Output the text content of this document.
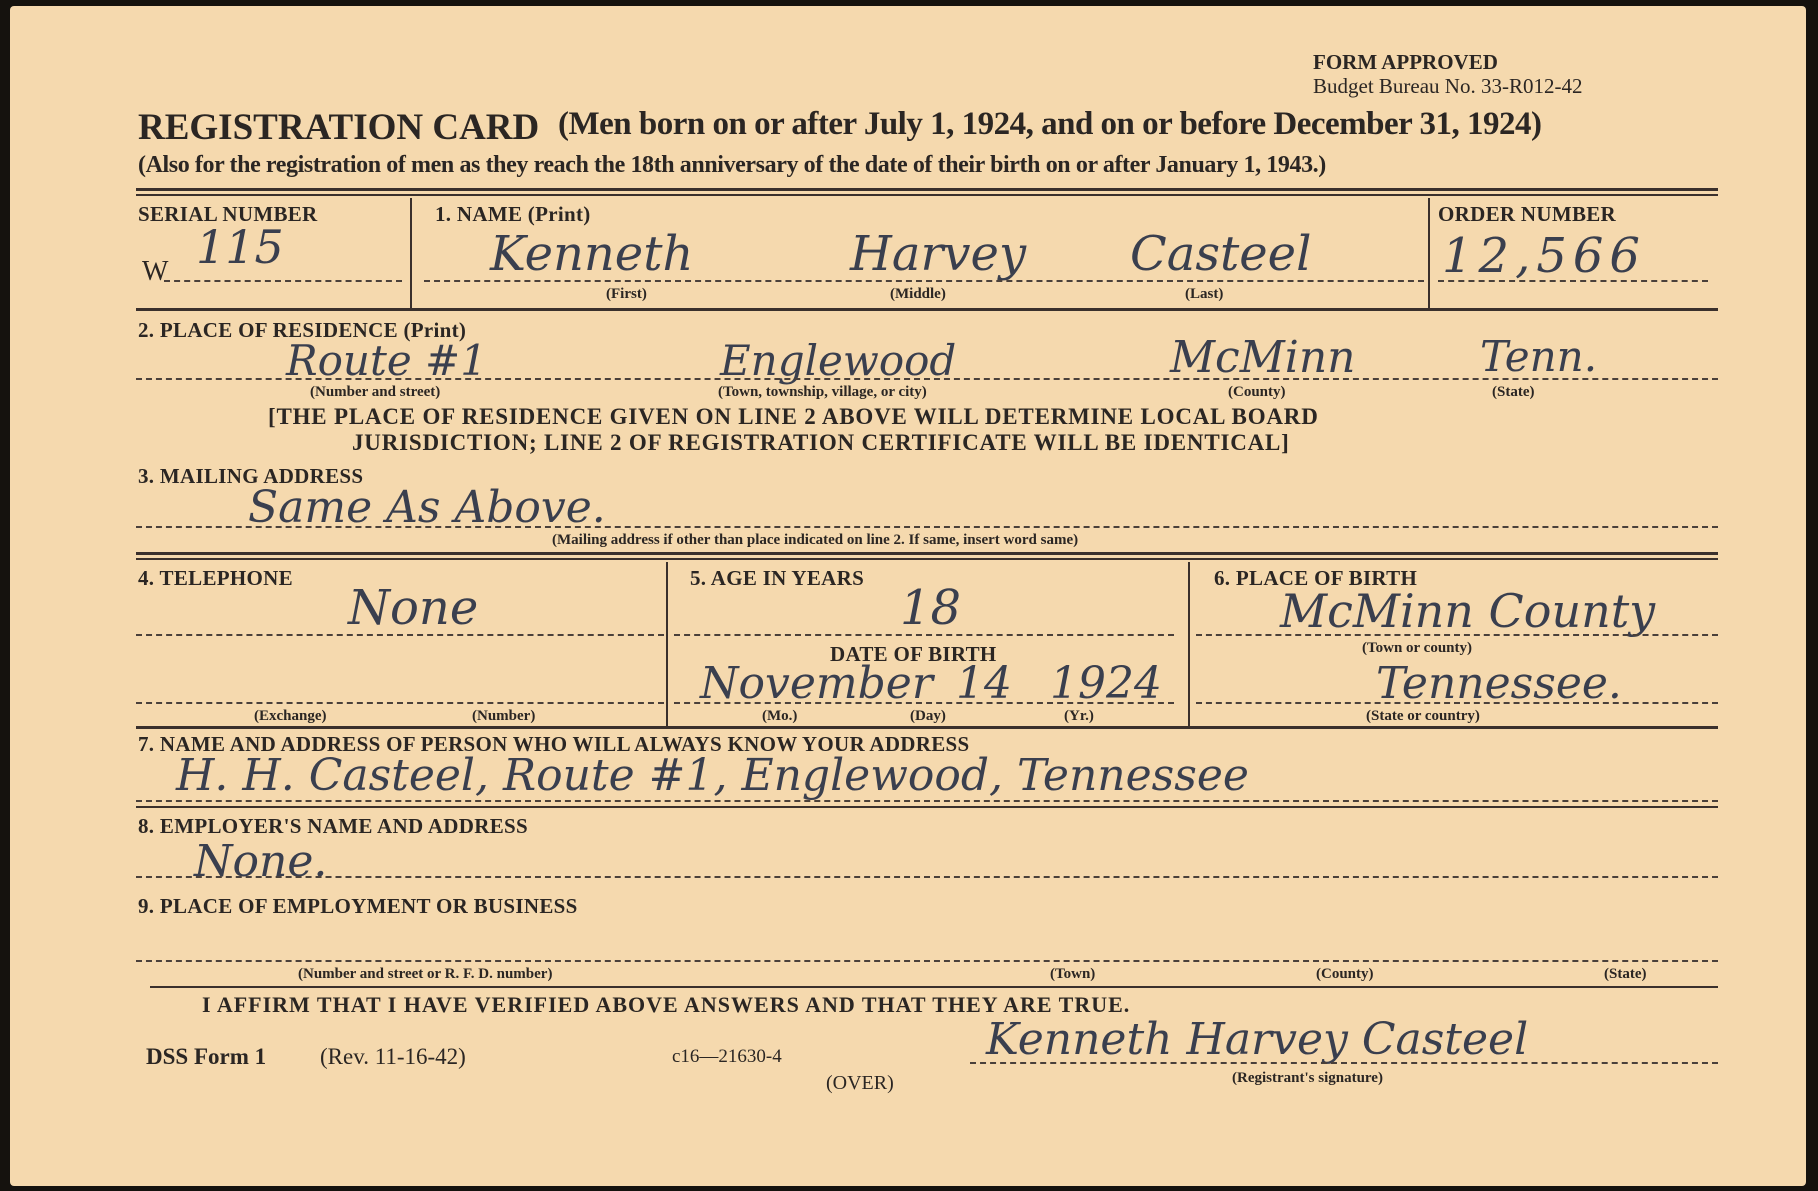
FORM APPROVED
Budget Bureau No. 33-R012-42
REGISTRATION CARD (Men born on or after July 1, 1924, and on or before December 31, 1924)
(Also for the registration of men as they reach the 18th anniversary of the date of their birth on or after January 1, 1943.)
SERIAL NUMBER
W 115
1. NAME (Print)
Kenneth	Harvey Casteel
(First)	(Middle)	(Last)
ORDER NUMBER
12,566
2. PLACE OF RESIDENCE (Print)
Route #1	Englewood	McMinn	Tenn.
(Number and street)	(Town, township, village, or city)	(County)	(State)
[THE PLACE OF RESIDENCE GIVEN ON LINE 2 ABOVE WILL DETERMINE LOCAL BOARD
JURISDICTION; LINE 2 OF REGISTRATION CERTIFICATE WILL BE IDENTICAL]
3. MAILING ADDRESS
Same As Above.
(Mailing address if other than place indicated on line 2. If same, insert word same)
4. TELEPHONE
None
(Exchange)	(Number)
5. AGE IN YEARS
18
DATE OF BIRTH
November 14 1924
(Mo.)	(Day)	(Yr.)
6. PLACE OF BIRTH
McMinn County
(Town or county)
Tennessee.
(State or country)
7. NAME AND ADDRESS OF PERSON WHO WILL ALWAYS KNOW YOUR ADDRESS
H. H. Casteel, Route #1, Englewood, Tennessee
8. EMPLOYER'S NAME AND ADDRESS
None.
9. PLACE OF EMPLOYMENT OR BUSINESS
(Number and street or R. F. D. number)	(Town)	(County)	(State)
I AFFIRM THAT I HAVE VERIFIED ABOVE ANSWERS AND THAT THEY ARE TRUE.
DSS Form 1 (Rev. 11-16-42)	c16—21630-4
(OVER)
Kenneth Harvey Casteel
(Registrant's signature)
